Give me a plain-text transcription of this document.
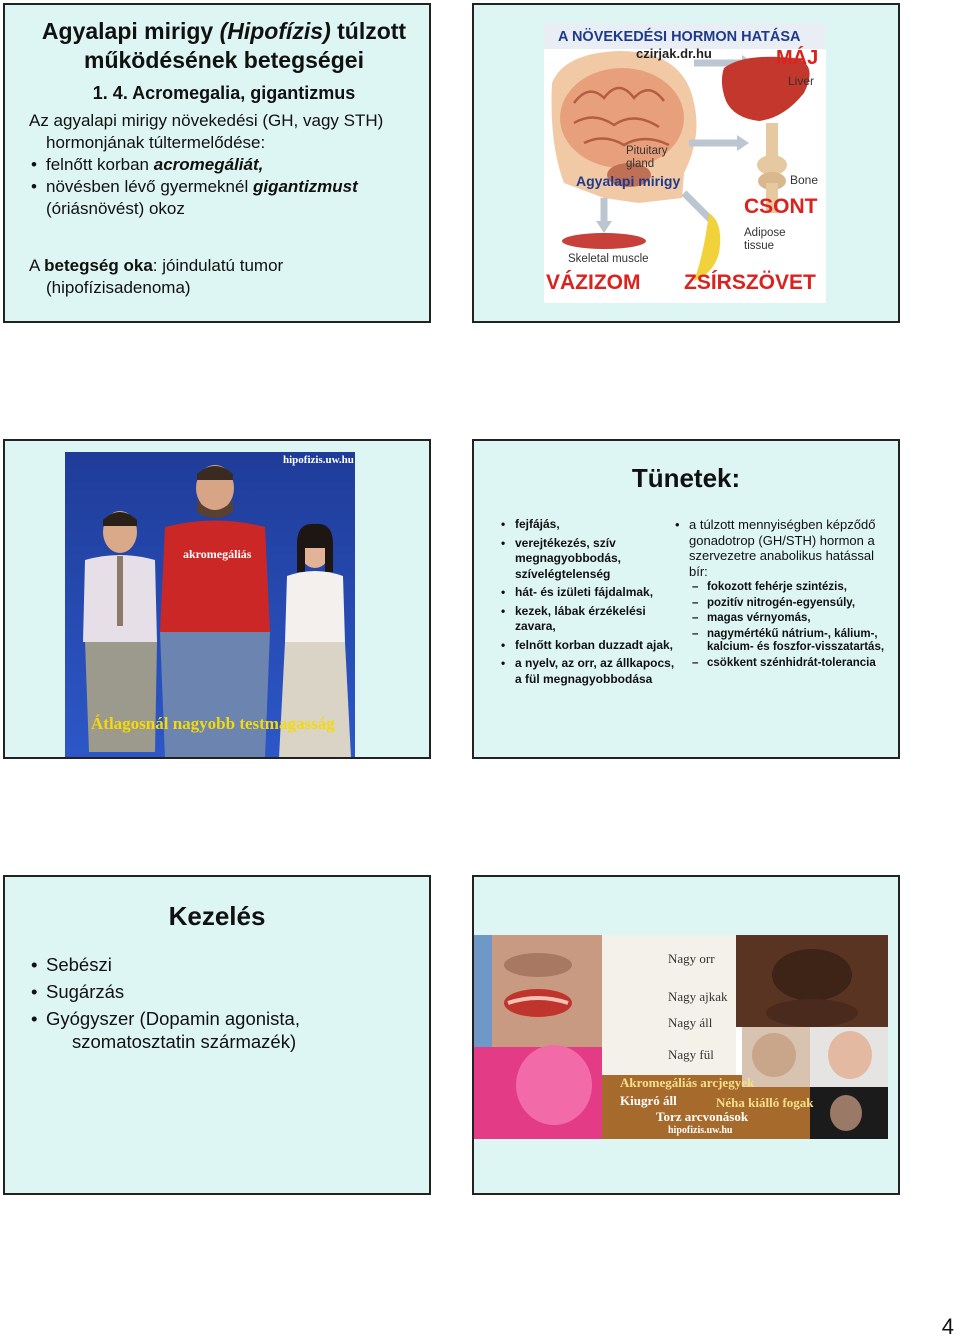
Agyalapi mirigy (Hipofízis) túlzott működésének betegségei
1. 4. Acromegalia, gigantizmus
Az agyalapi mirigy növekedési (GH, vagy STH)
hormonjának túltermelődése:
• felnőtt korban acromegáliát,
• növésben lévő gyermeknél gigantizmust
(óriásnövést) okoz
A betegség oka: jóindulatú tumor
(hipofízisadenoma)
A NÖVEKEDÉSI HORMON HATÁSA
czirjak.dr.hu	MÁJ
Liver
Pituitary
gland
Agyalapi mirigy	Bone
CSONT
Adipose
tissue
Skeletal muscle
VÁZIZOM ZSÍRSZÖVET
hipofizis.uw.hu
akromegáliás
Átlagosnál nagyobb testmagasság
Tünetek:
• fejfájás,
• verejtékezés, szív megnagyobbodás, szívelégtelenség
• hát- és izületi fájdalmak,
• kezek, lábak érzékelési zavara,
• felnőtt korban duzzadt ajak,
• a nyelv, az orr, az állkapocs, a fül megnagyobbodása
• a túlzott mennyiségben képződő gonadotrop (GH/STH) hormon a szervezetre anabolikus hatással bír:
– fokozott fehérje szintézis,
– pozitív nitrogén-egyensúly,
– magas vérnyomás,
– nagymértékű nátrium-, kálium-, kalcium- és foszfor-visszatartás,
– csökkent szénhidrát-tolerancia
Kezelés
• Sebészi
• Sugárzás
• Gyógyszer (Dopamin agonista,
szomatosztatin származék)
Nagy orr
Nagy ajkak
Nagy áll
Nagy fül
Akromegáliás arcjegyek
Kiugró áll	Néha kiálló fogak
Torz arcvonások
hipofizis.uw.hu
4
